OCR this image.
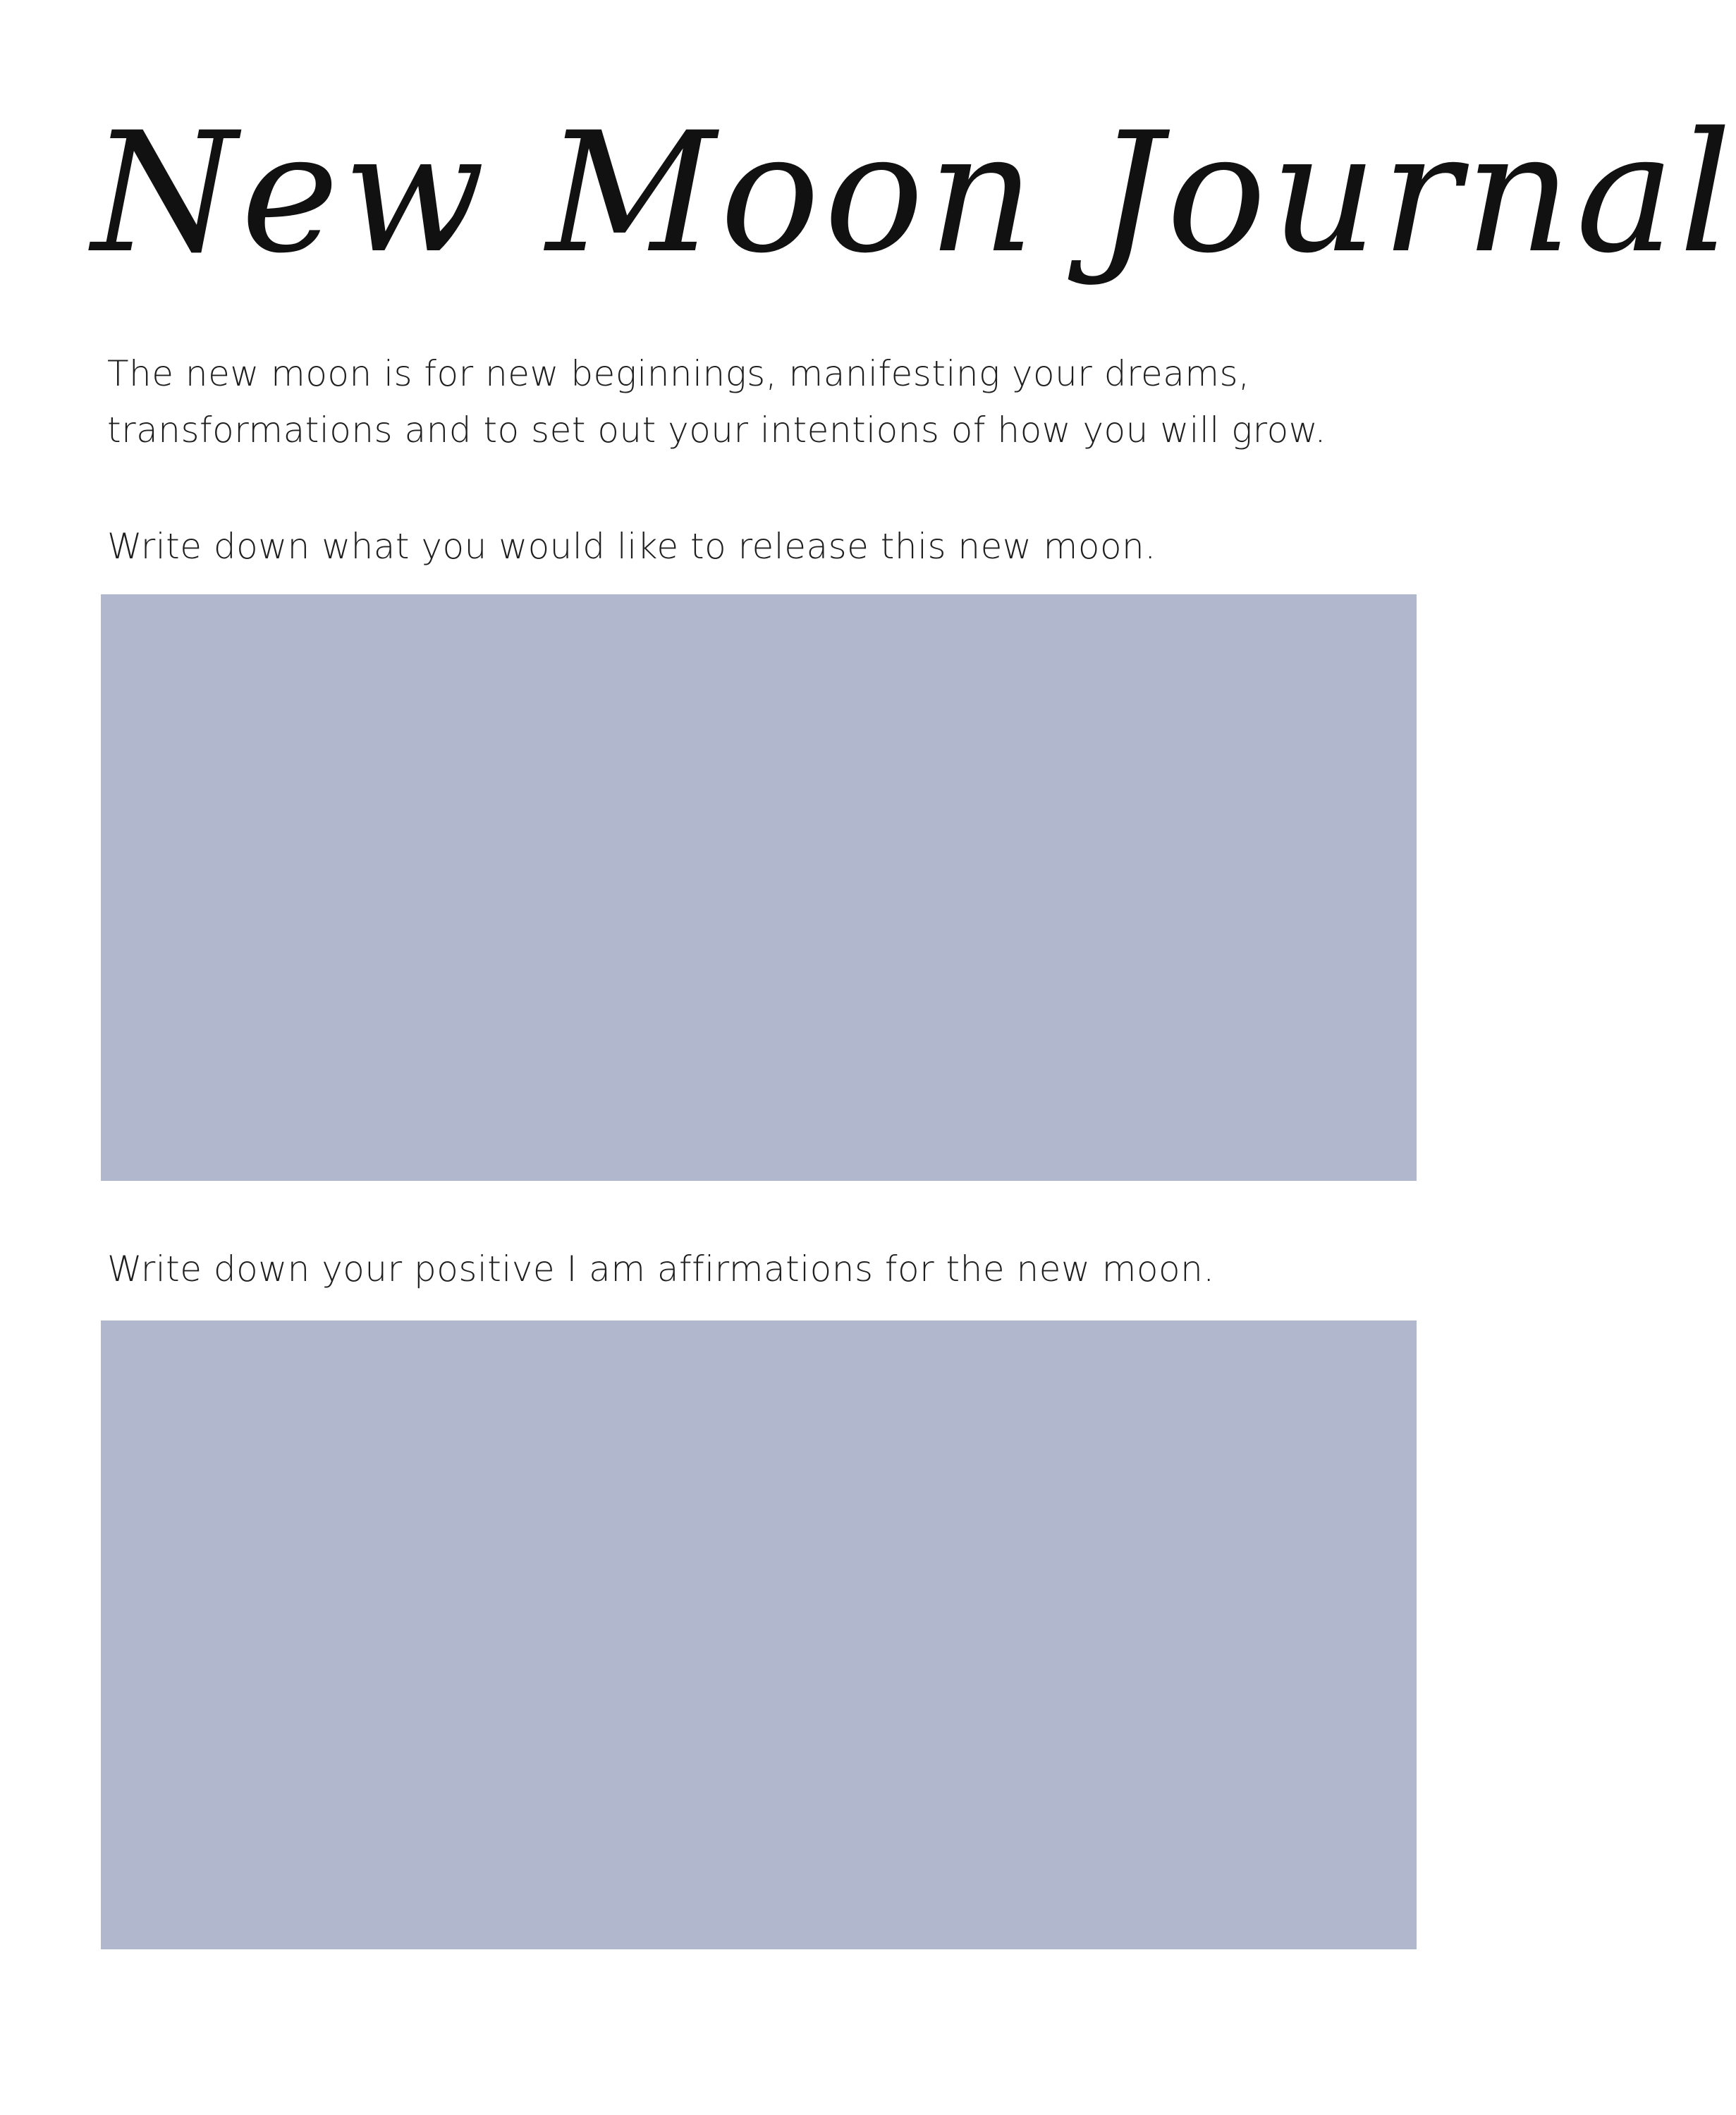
New Moon Journal

The new moon is for new beginnings, manifesting your dreams,
transformations and to set out your intentions of how you will grow.

Write down what you would like to release this new moon.

Write down your positive I am affirmations for the new moon.
